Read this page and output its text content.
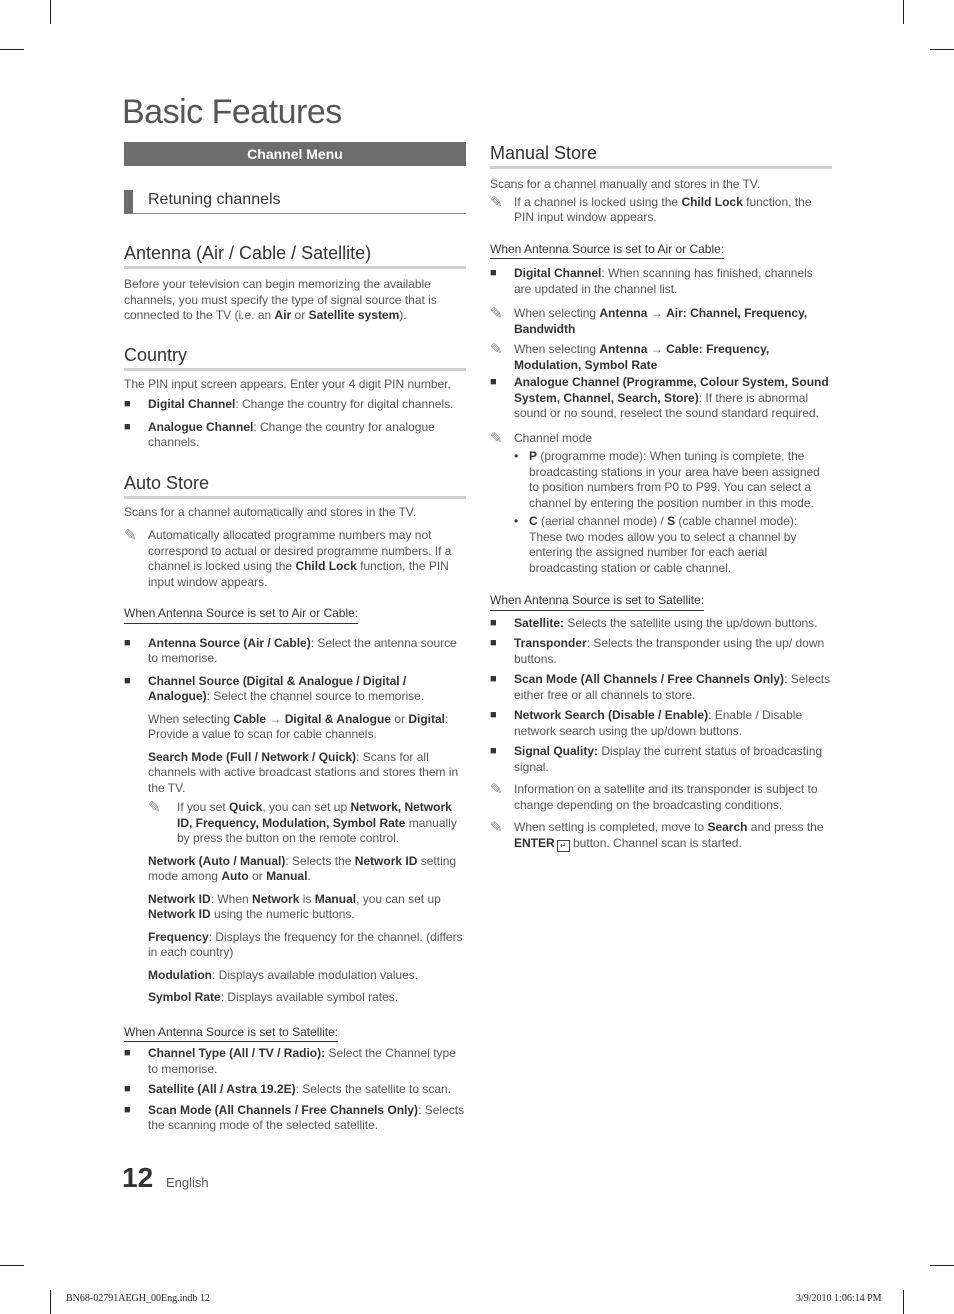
Basic Features
Channel Menu
Retuning channels
Antenna (Air / Cable / Satellite)

Before your television can begin memorizing the available channels, you must specify the type of signal source that is connected to the TV (i.e. an Air or Satellite system).

Country

The PIN input screen appears. Enter your 4 digit PIN number.

■	Digital Channel: Change the country for digital channels.
■	Analogue Channel: Change the country for analogue channels.
Auto Store

Scans for a channel automatically and stores in the TV.

✎ Automatically allocated programme numbers may not correspond to actual or desired programme numbers. If a channel is locked using the Child Lock function, the PIN input window appears.
When Antenna Source is set to Air or Cable:
■	Antenna Source (Air / Cable): Select the antenna source to memorise.
■	Channel Source (Digital & Analogue / Digital / Analogue): Select the channel source to memorise.

When selecting Cable → Digital & Analogue or Digital: Provide a value to scan for cable channels.

Search Mode (Full / Network / Quick): Scans for all channels with active broadcast stations and stores them in the TV.

✎	If you set Quick, you can set up Network, Network ID, Frequency, Modulation, Symbol Rate manually by press the button on the remote control.

Network (Auto / Manual): Selects the Network ID setting mode among Auto or Manual.

Network ID: When Network is Manual, you can set up Network ID using the numeric buttons.

Frequency: Displays the frequency for the channel. (differs in each country)

Modulation: Displays available modulation values.

Symbol Rate: Displays available symbol rates.

When Antenna Source is set to Satellite:
■	Channel Type (All / TV / Radio): Select the Channel type to memorise.
■	Satellite (All / Astra 19.2E): Selects the satellite to scan.
■	Scan Mode (All Channels / Free Channels Only): Selects the scanning mode of the selected satellite.
Manual Store

Scans for a channel manually and stores in the TV.

✎ If a channel is locked using the Child Lock function, the PIN input window appears.
When Antenna Source is set to Air or Cable:
■	Digital Channel: When scanning has finished, channels are updated in the channel list.
✎ When selecting Antenna → Air: Channel, Frequency, Bandwidth
✎ When selecting Antenna → Cable: Frequency, Modulation, Symbol Rate
■	Analogue Channel (Programme, Colour System, Sound System, Channel, Search, Store): If there is abnormal sound or no sound, reselect the sound standard required.
✎ Channel mode
• P (programme mode): When tuning is complete, the broadcasting stations in your area have been assigned to position numbers from P0 to P99. You can select a channel by entering the position number in this mode.
• C (aerial channel mode) / S (cable channel mode): These two modes allow you to select a channel by entering the assigned number for each aerial broadcasting station or cable channel.
When Antenna Source is set to Satellite:
■	Satellite: Selects the satellite using the up/down buttons.
■	Transponder: Selects the transponder using the up/ down buttons.
■	Scan Mode (All Channels / Free Channels Only): Selects either free or all channels to store.
■	Network Search (Disable / Enable): Enable / Disable network search using the up/down buttons.
■	Signal Quality: Display the current status of broadcasting signal.
✎ Information on a satellite and its transponder is subject to change depending on the broadcasting conditions.
✎ When setting is completed, move to Search and press the ENTER ↵ button. Channel scan is started.
12 English
BN68-02791AEGH_00Eng.indb 12	3/9/2010 1:06:14 PM
